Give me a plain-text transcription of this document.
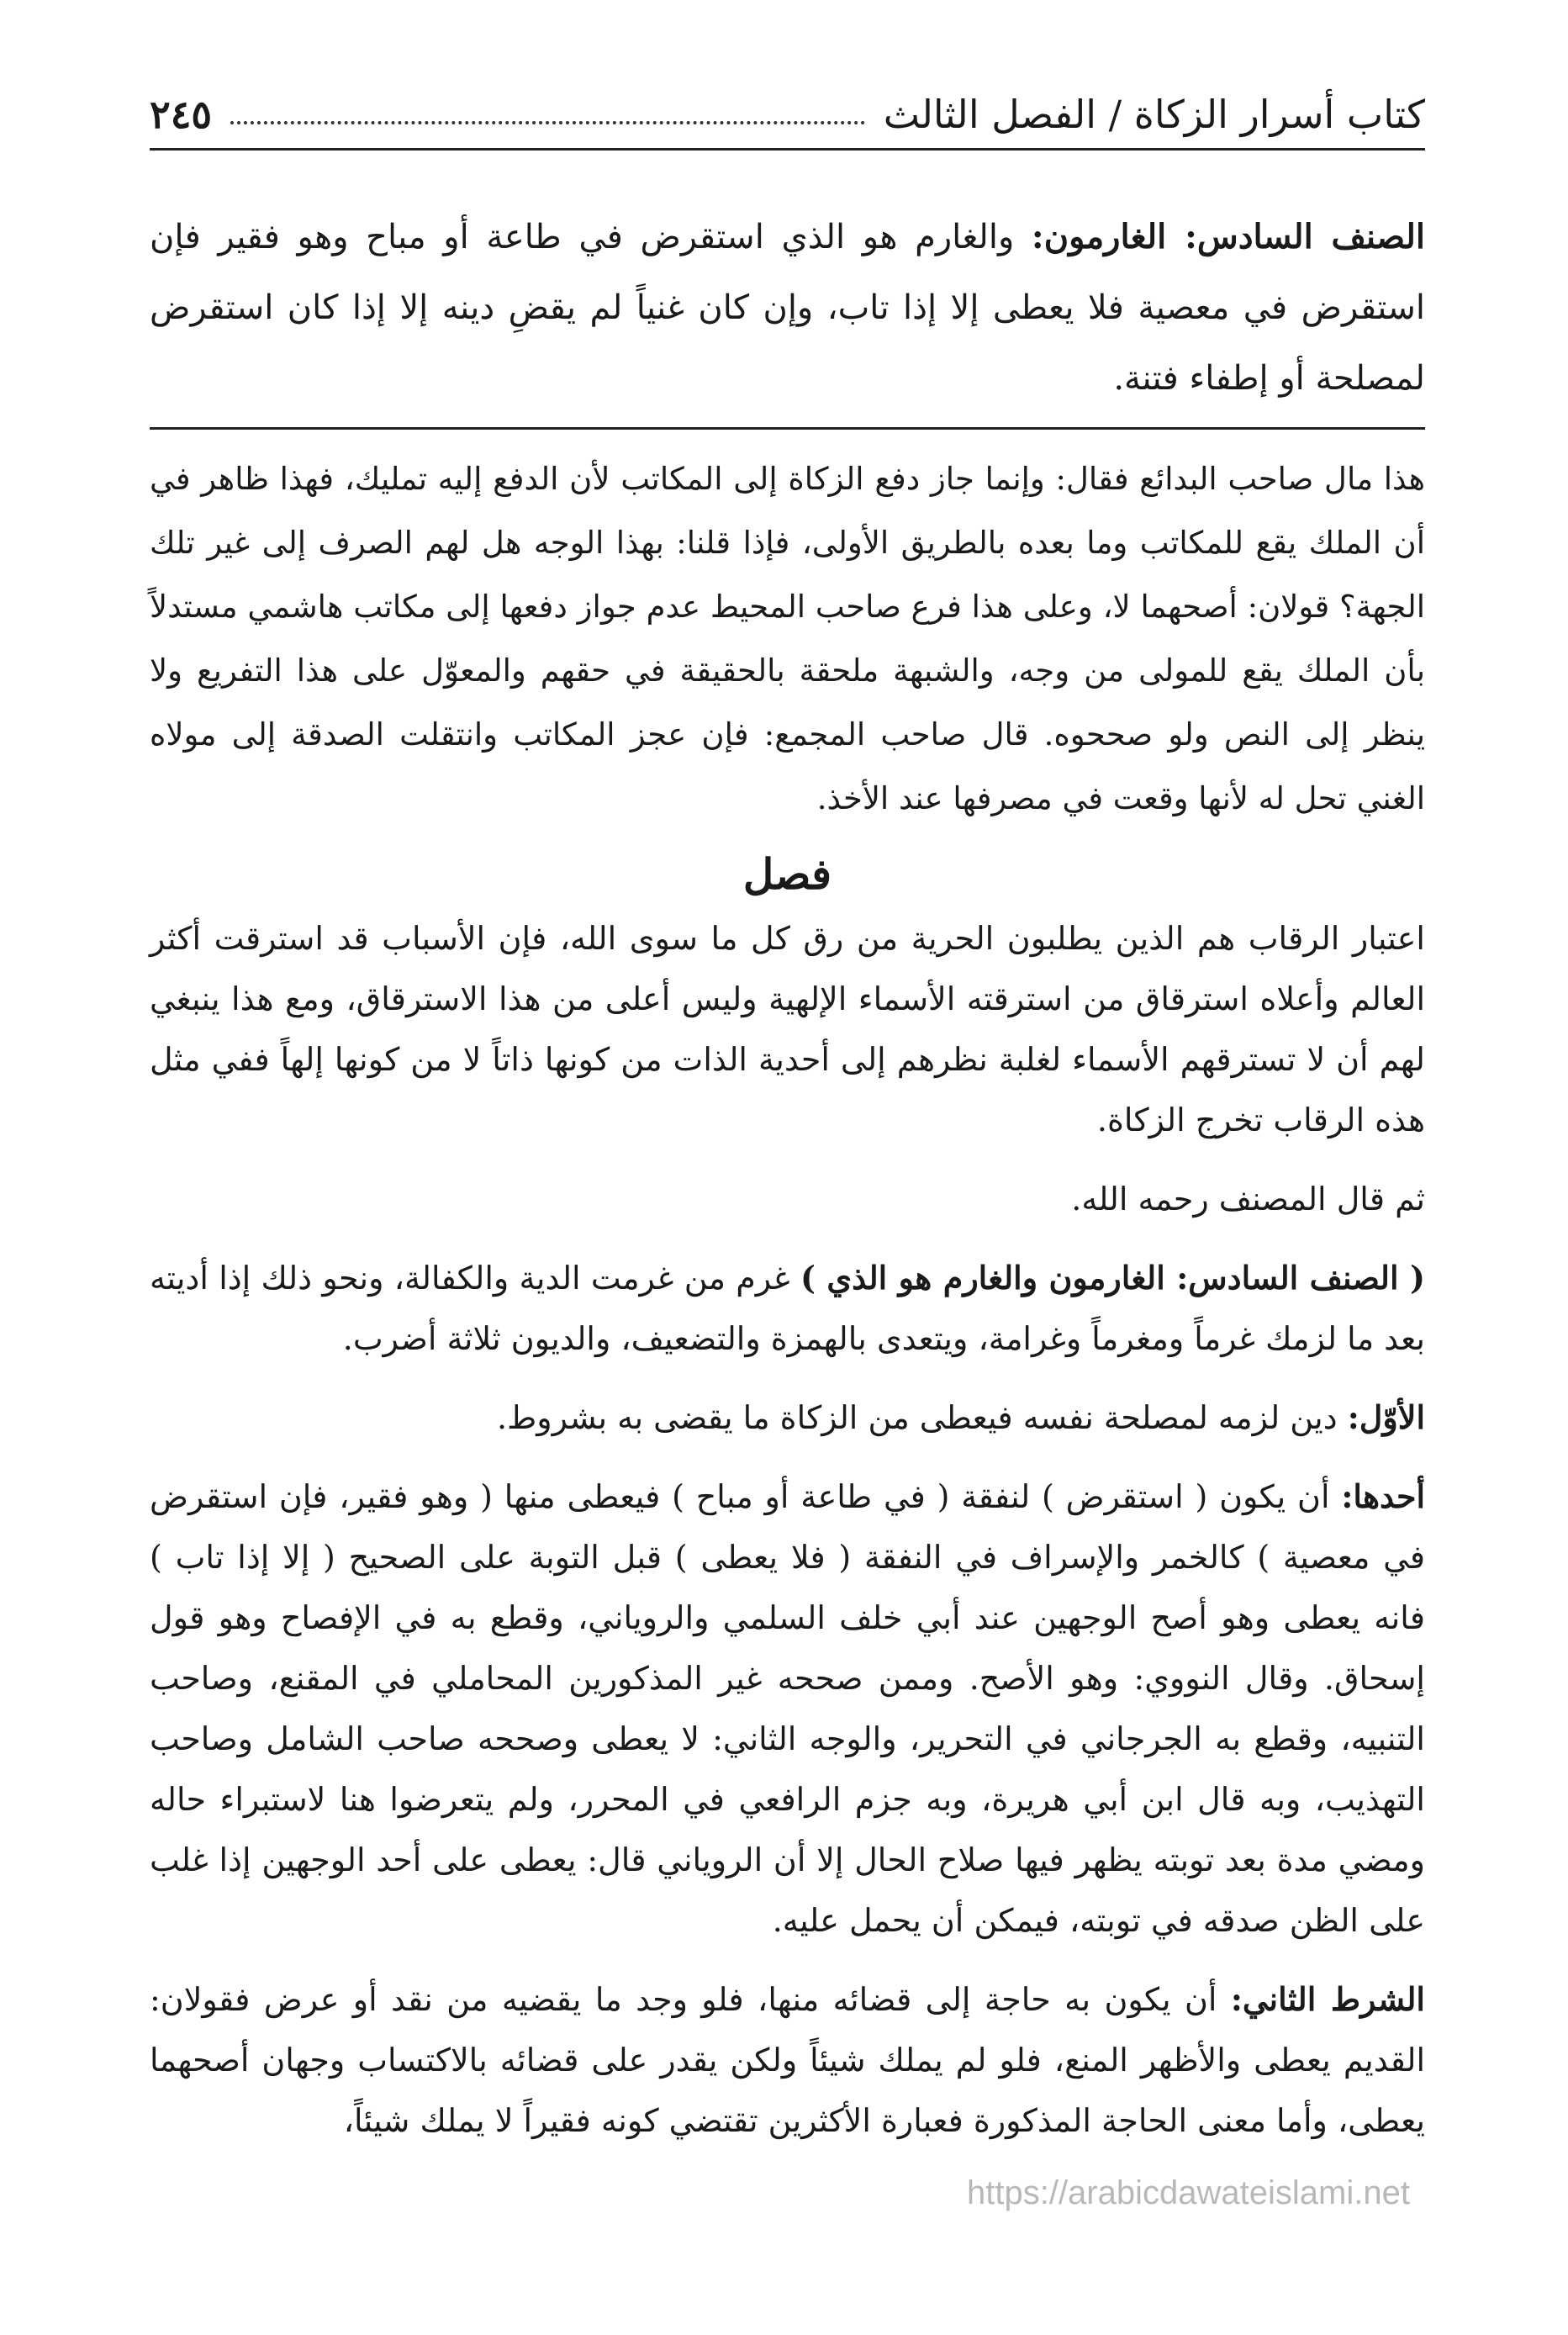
كتاب أسرار الزكاة / الفصل الثالث
٢٤٥
الصنف السادس: الغارمون: والغارم هو الذي استقرض في طاعة أو مباح وهو فقير فإن استقرض في معصية فلا يعطى إلا إذا تاب، وإن كان غنياً لم يقضِ دينه إلا إذا كان استقرض لمصلحة أو إطفاء فتنة.
هذا مال صاحب البدائع فقال: وإنما جاز دفع الزكاة إلى المكاتب لأن الدفع إليه تمليك، فهذا ظاهر في أن الملك يقع للمكاتب وما بعده بالطريق الأولى، فإذا قلنا: بهذا الوجه هل لهم الصرف إلى غير تلك الجهة؟ قولان: أصحهما لا، وعلى هذا فرع صاحب المحيط عدم جواز دفعها إلى مكاتب هاشمي مستدلاً بأن الملك يقع للمولى من وجه، والشبهة ملحقة بالحقيقة في حقهم والمعوّل على هذا التفريع ولا ينظر إلى النص ولو صححوه. قال صاحب المجمع: فإن عجز المكاتب وانتقلت الصدقة إلى مولاه الغني تحل له لأنها وقعت في مصرفها عند الأخذ.
فصل

اعتبار الرقاب هم الذين يطلبون الحرية من رق كل ما سوى الله، فإن الأسباب قد استرقت أكثر العالم وأعلاه استرقاق من استرقته الأسماء الإلهية وليس أعلى من هذا الاسترقاق، ومع هذا ينبغي لهم أن لا تسترقهم الأسماء لغلبة نظرهم إلى أحدية الذات من كونها ذاتاً لا من كونها إلهاً ففي مثل هذه الرقاب تخرج الزكاة.

ثم قال المصنف رحمه الله.

( الصنف السادس: الغارمون والغارم هو الذي ) غرم من غرمت الدية والكفالة، ونحو ذلك إذا أديته بعد ما لزمك غرماً ومغرماً وغرامة، ويتعدى بالهمزة والتضعيف، والديون ثلاثة أضرب.

الأوّل: دين لزمه لمصلحة نفسه فيعطى من الزكاة ما يقضى به بشروط.

أحدها: أن يكون ( استقرض ) لنفقة ( في طاعة أو مباح ) فيعطى منها ( وهو فقير، فإن استقرض في معصية ) كالخمر والإسراف في النفقة ( فلا يعطى ) قبل التوبة على الصحيح ( إلا إذا تاب ) فانه يعطى وهو أصح الوجهين عند أبي خلف السلمي والروياني، وقطع به في الإفصاح وهو قول إسحاق. وقال النووي: وهو الأصح. وممن صححه غير المذكورين المحاملي في المقنع، وصاحب التنبيه، وقطع به الجرجاني في التحرير، والوجه الثاني: لا يعطى وصححه صاحب الشامل وصاحب التهذيب، وبه قال ابن أبي هريرة، وبه جزم الرافعي في المحرر، ولم يتعرضوا هنا لاستبراء حاله ومضي مدة بعد توبته يظهر فيها صلاح الحال إلا أن الروياني قال: يعطى على أحد الوجهين إذا غلب على الظن صدقه في توبته، فيمكن أن يحمل عليه.

الشرط الثاني: أن يكون به حاجة إلى قضائه منها، فلو وجد ما يقضيه من نقد أو عرض فقولان: القديم يعطى والأظهر المنع، فلو لم يملك شيئاً ولكن يقدر على قضائه بالاكتساب وجهان أصحهما يعطى، وأما معنى الحاجة المذكورة فعبارة الأكثرين تقتضي كونه فقيراً لا يملك شيئاً،

https://arabicdawateislami.net
